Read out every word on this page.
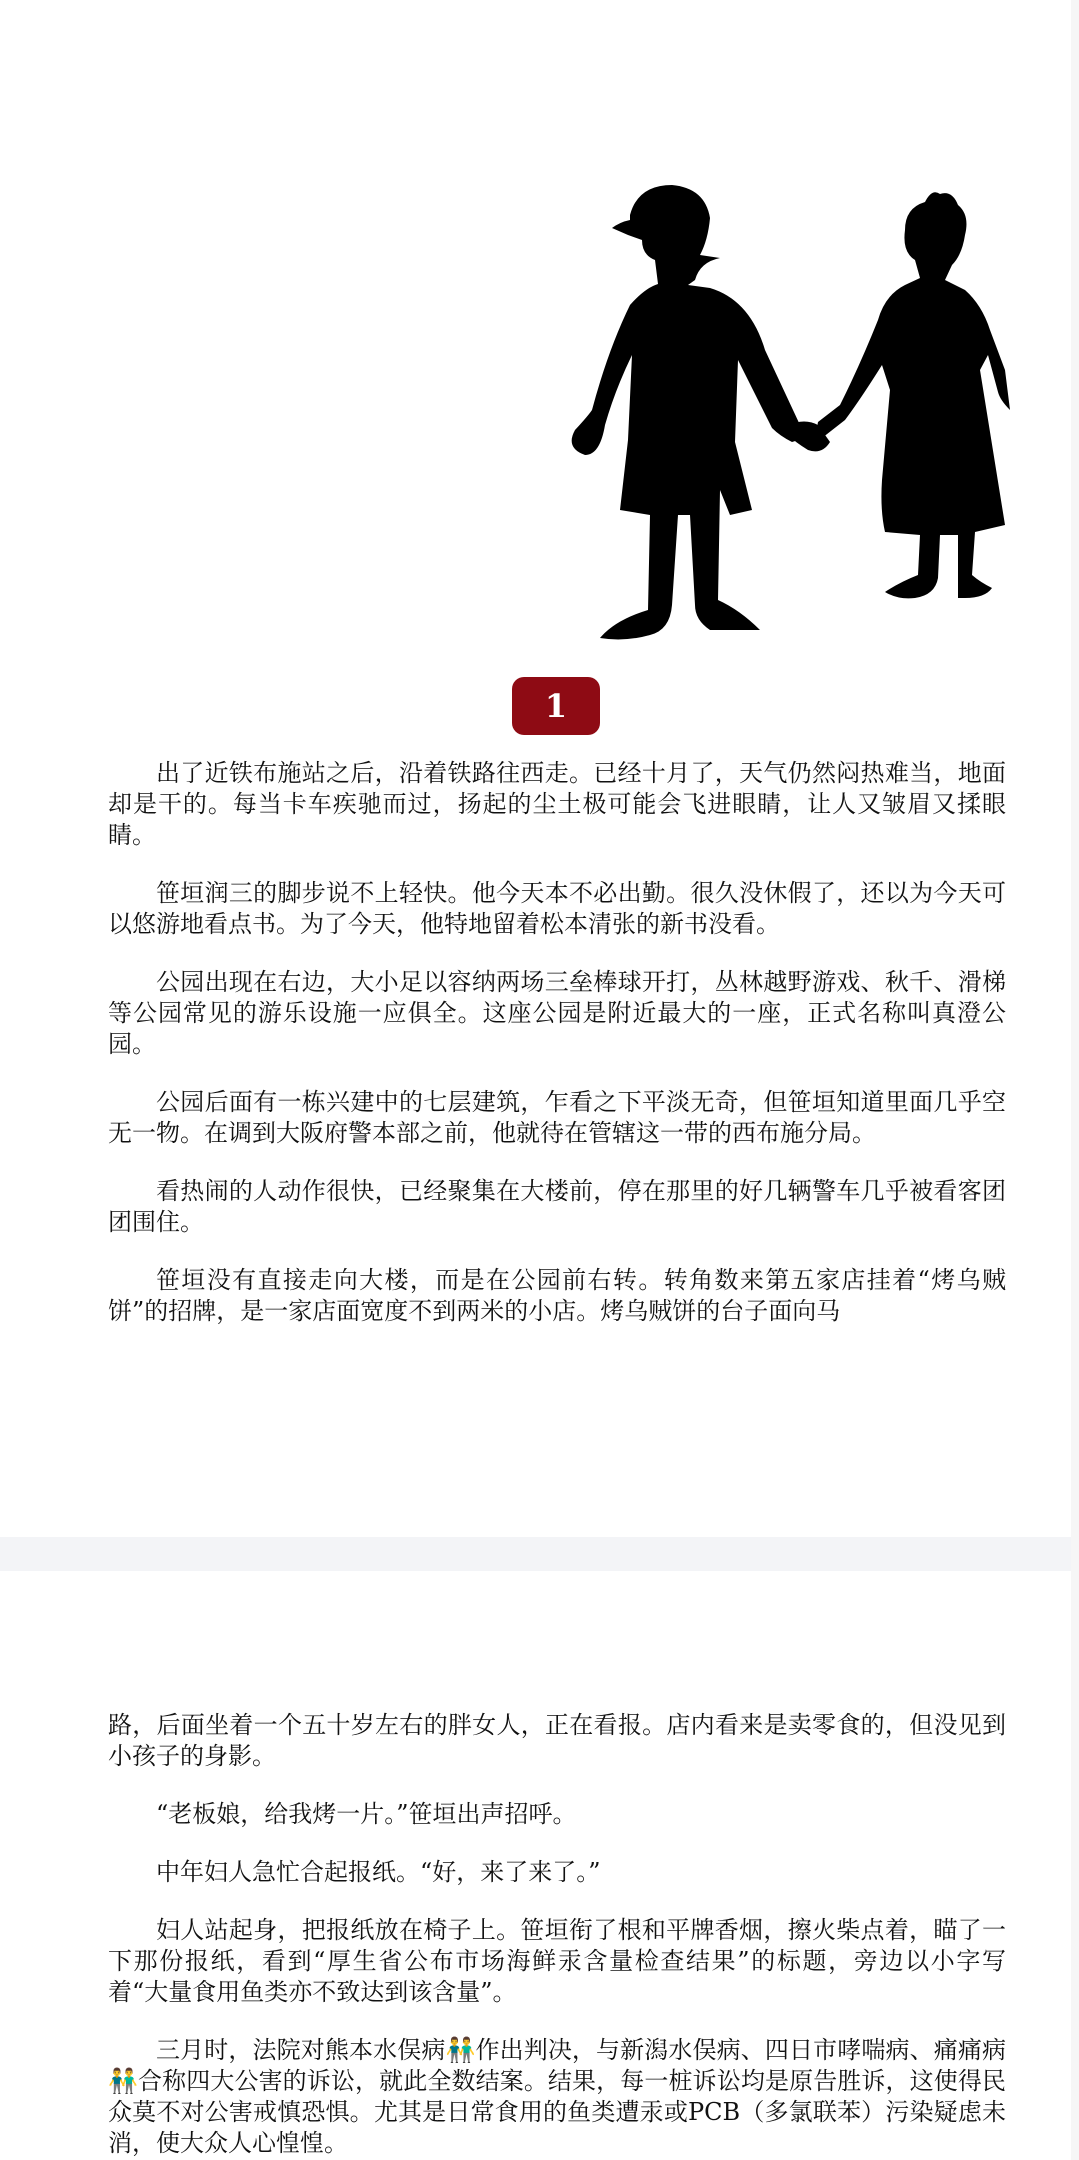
1

出了近铁布施站之后，沿着铁路往西走。已经十月了，天气仍然闷热难当，地面却是干的。每当卡车疾驰而过，扬起的尘土极可能会飞进眼睛，让人又皱眉又揉眼睛。

笹垣润三的脚步说不上轻快。他今天本不必出勤。很久没休假了，还以为今天可以悠游地看点书。为了今天，他特地留着松本清张的新书没看。

公园出现在右边，大小足以容纳两场三垒棒球开打，丛林越野游戏、秋千、滑梯等公园常见的游乐设施一应俱全。这座公园是附近最大的一座，正式名称叫真澄公园。

公园后面有一栋兴建中的七层建筑，乍看之下平淡无奇，但笹垣知道里面几乎空无一物。在调到大阪府警本部之前，他就待在管辖这一带的西布施分局。

看热闹的人动作很快，已经聚集在大楼前，停在那里的好几辆警车几乎被看客团团围住。

笹垣没有直接走向大楼，而是在公园前右转。转角数来第五家店挂着“烤乌贼饼”的招牌，是一家店面宽度不到两米的小店。烤乌贼饼的台子面向马

路，后面坐着一个五十岁左右的胖女人，正在看报。店内看来是卖零食的，但没见到小孩子的身影。

“老板娘，给我烤一片。”笹垣出声招呼。

中年妇人急忙合起报纸。“好，来了来了。”

妇人站起身，把报纸放在椅子上。笹垣衔了根和平牌香烟，擦火柴点着，瞄了一下那份报纸，看到“厚生省公布市场海鲜汞含量检查结果”的标题，旁边以小字写着“大量食用鱼类亦不致达到该含量”。

三月时，法院对熊本水俣病👬作出判决，与新潟水俣病、四日市哮喘病、痛痛病👬合称四大公害的诉讼，就此全数结案。结果，每一桩诉讼均是原告胜诉，这使得民众莫不对公害戒慎恐惧。尤其是日常食用的鱼类遭汞或PCB（多氯联苯）污染疑虑未消，使大众人心惶惶。
